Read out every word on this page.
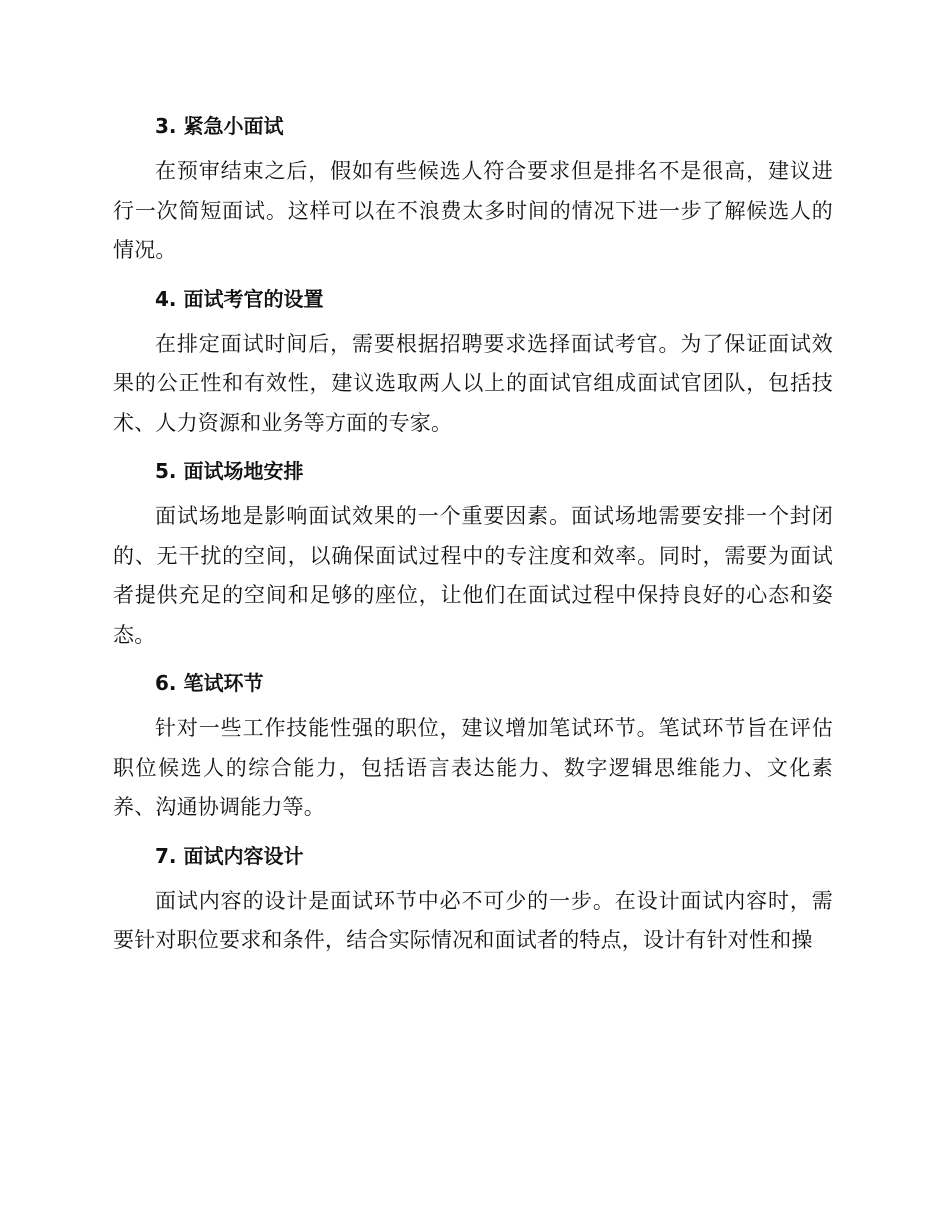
3. 紧急小面试

在预审结束之后，假如有些候选人符合要求但是排名不是很高，建议进行一次简短面试。这样可以在不浪费太多时间的情况下进一步了解候选人的情况。

4. 面试考官的设置

在排定面试时间后，需要根据招聘要求选择面试考官。为了保证面试效果的公正性和有效性，建议选取两人以上的面试官组成面试官团队，包括技术、人力资源和业务等方面的专家。

5. 面试场地安排

面试场地是影响面试效果的一个重要因素。面试场地需要安排一个封闭的、无干扰的空间，以确保面试过程中的专注度和效率。同时，需要为面试者提供充足的空间和足够的座位，让他们在面试过程中保持良好的心态和姿态。

6. 笔试环节

针对一些工作技能性强的职位，建议增加笔试环节。笔试环节旨在评估职位候选人的综合能力，包括语言表达能力、数字逻辑思维能力、文化素养、沟通协调能力等。

7. 面试内容设计

面试内容的设计是面试环节中必不可少的一步。在设计面试内容时，需要针对职位要求和条件，结合实际情况和面试者的特点，设计有针对性和操
